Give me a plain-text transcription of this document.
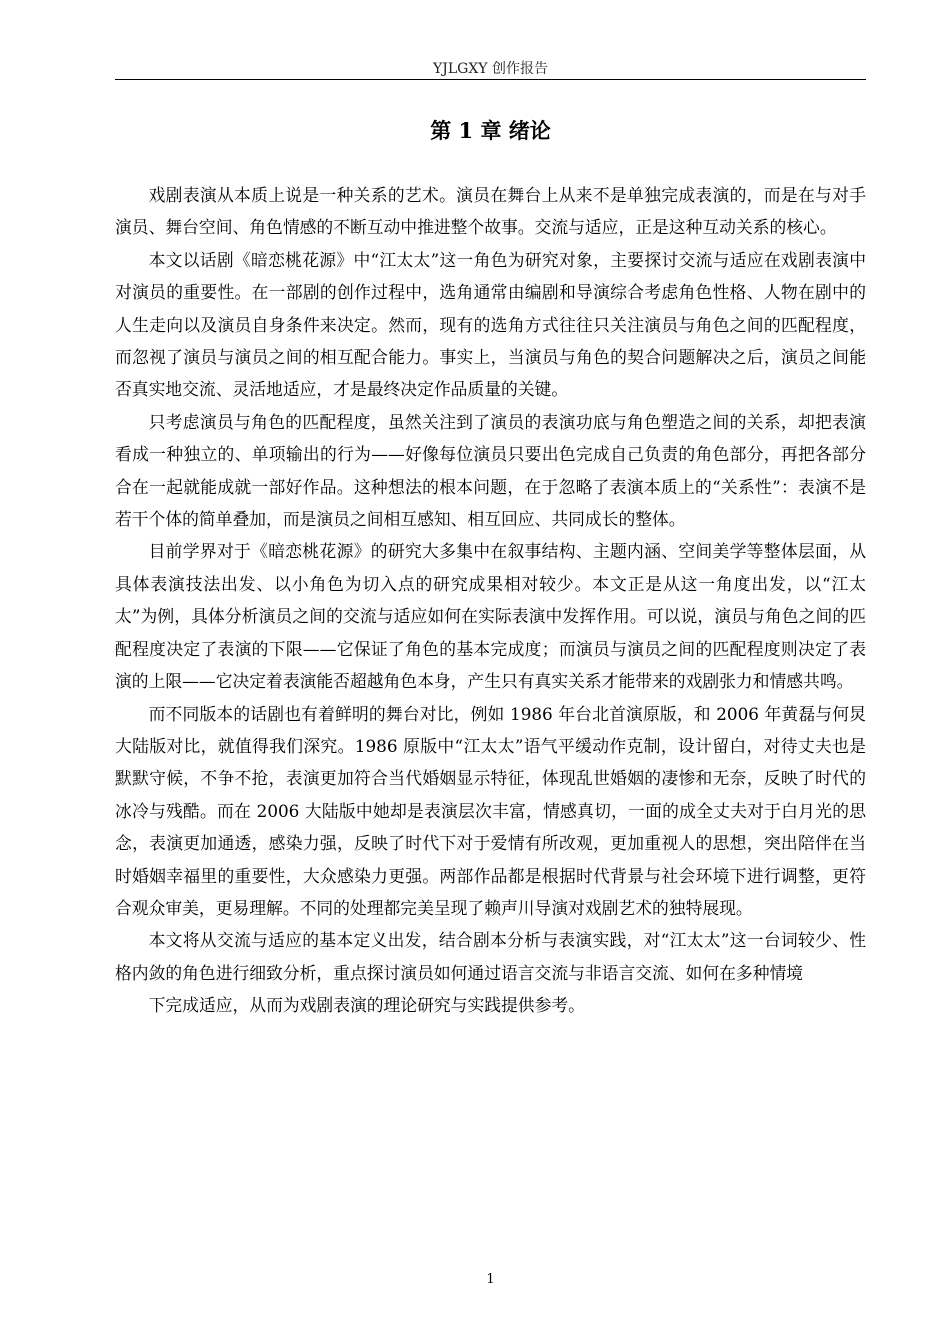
YJLGXY 创作报告
第 1 章 绪论

戏剧表演从本质上说是一种关系的艺术。演员在舞台上从来不是单独完成表演的，而是在与对手演员、舞台空间、角色情感的不断互动中推进整个故事。交流与适应，正是这种互动关系的核心。

本文以话剧《暗恋桃花源》中“江太太”这一角色为研究对象，主要探讨交流与适应在戏剧表演中对演员的重要性。在一部剧的创作过程中，选角通常由编剧和导演综合考虑角色性格、人物在剧中的人生走向以及演员自身条件来决定。然而，现有的选角方式往往只关注演员与角色之间的匹配程度，而忽视了演员与演员之间的相互配合能力。事实上，当演员与角色的契合问题解决之后，演员之间能否真实地交流、灵活地适应，才是最终决定作品质量的关键。

只考虑演员与角色的匹配程度，虽然关注到了演员的表演功底与角色塑造之间的关系，却把表演看成一种独立的、单项输出的行为——好像每位演员只要出色完成自己负责的角色部分，再把各部分合在一起就能成就一部好作品。这种想法的根本问题，在于忽略了表演本质上的“关系性”：表演不是若干个体的简单叠加，而是演员之间相互感知、相互回应、共同成长的整体。

目前学界对于《暗恋桃花源》的研究大多集中在叙事结构、主题内涵、空间美学等整体层面，从具体表演技法出发、以小角色为切入点的研究成果相对较少。本文正是从这一角度出发，以“江太太”为例，具体分析演员之间的交流与适应如何在实际表演中发挥作用。可以说，演员与角色之间的匹配程度决定了表演的下限——它保证了角色的基本完成度；而演员与演员之间的匹配程度则决定了表演的上限——它决定着表演能否超越角色本身，产生只有真实关系才能带来的戏剧张力和情感共鸣。

而不同版本的话剧也有着鲜明的舞台对比，例如 1986 年台北首演原版，和 2006 年黄磊与何炅大陆版对比，就值得我们深究。1986 原版中“江太太”语气平缓动作克制，设计留白，对待丈夫也是默默守候，不争不抢，表演更加符合当代婚姻显示特征，体现乱世婚姻的凄惨和无奈，反映了时代的冰冷与残酷。而在 2006 大陆版中她却是表演层次丰富，情感真切，一面的成全丈夫对于白月光的思念，表演更加通透，感染力强，反映了时代下对于爱情有所改观，更加重视人的思想，突出陪伴在当时婚姻幸福里的重要性，大众感染力更强。两部作品都是根据时代背景与社会环境下进行调整，更符合观众审美，更易理解。不同的处理都完美呈现了赖声川导演对戏剧艺术的独特展现。

本文将从交流与适应的基本定义出发，结合剧本分析与表演实践，对“江太太”这一台词较少、性格内敛的角色进行细致分析，重点探讨演员如何通过语言交流与非语言交流、如何在多种情境

下完成适应，从而为戏剧表演的理论研究与实践提供参考。

1
